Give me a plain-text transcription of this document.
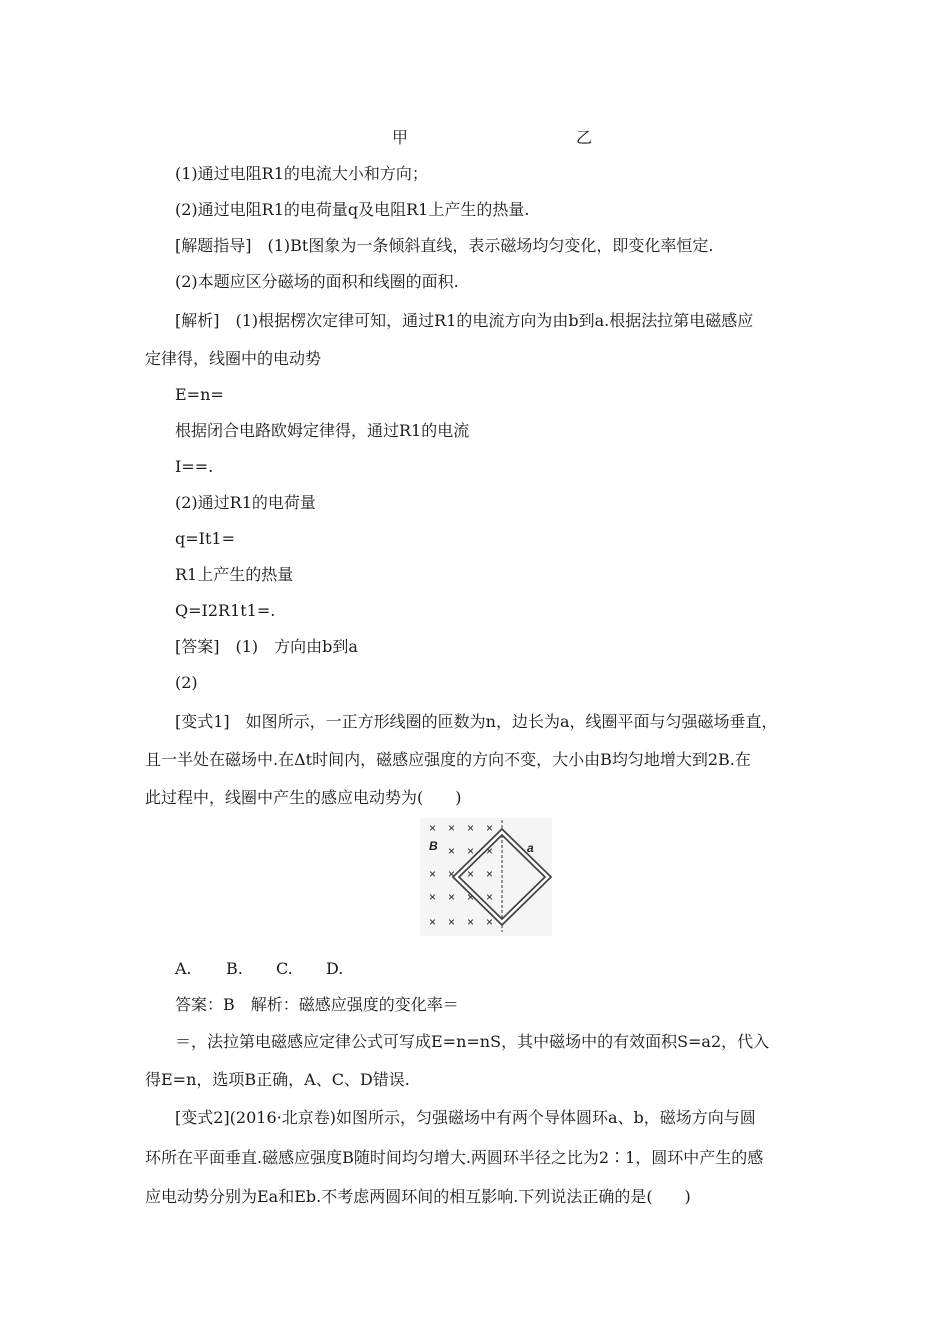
甲	乙
(1)通过电阻R1的电流大小和方向；
(2)通过电阻R1的电荷量q及电阻R1上产生的热量.
[解题指导]　(1)Bt图象为一条倾斜直线，表示磁场均匀变化，即变化率恒定.
(2)本题应区分磁场的面积和线圈的面积.
[解析]　(1)根据楞次定律可知，通过R1的电流方向为由b到a.根据法拉第电磁感应
定律得，线圈中的电动势
E=n=
根据闭合电路欧姆定律得，通过R1的电流
I==.
(2)通过R1的电荷量
q=It1=
R1上产生的热量
Q=I2R1t1=.
[答案]　(1)　方向由b到a
(2)
[变式1]　如图所示，一正方形线圈的匝数为n，边长为a，线圈平面与匀强磁场垂直，
且一半处在磁场中.在Δt时间内，磁感应强度的方向不变，大小由B均匀地增大到2B.在
此过程中，线圈中产生的感应电动势为(　　)
× × × ×
× × ×
× × × ×
× × × ×
× × × ×
B	a
A. B. C. D.
答案：B　解析：磁感应强度的变化率＝
＝，法拉第电磁感应定律公式可写成E=n=nS，其中磁场中的有效面积S=a2，代入
得E=n，选项B正确，A、C、D错误.
[变式2](2016·北京卷)如图所示，匀强磁场中有两个导体圆环a、b，磁场方向与圆
环所在平面垂直.磁感应强度B随时间均匀增大.两圆环半径之比为2∶1，圆环中产生的感
应电动势分别为Ea和Eb.不考虑两圆环间的相互影响.下列说法正确的是(　　)
